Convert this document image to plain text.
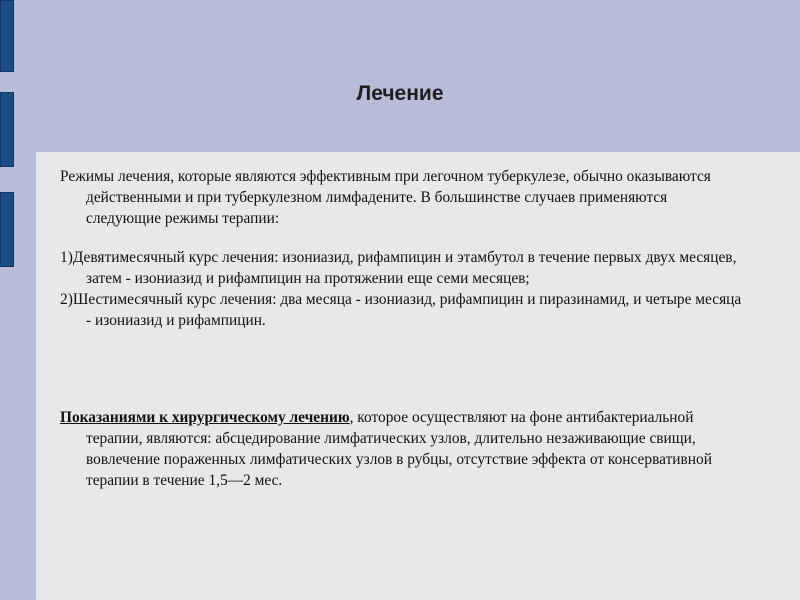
Лечение

Режимы лечения, которые являются эффективным при легочном туберкулезе, обычно оказываются действенными и при туберкулезном лимфадените. В большинстве случаев применяются следующие режимы терапии:

1)Девятимесячный курс лечения: изониазид, рифампицин и этамбутол в течение первых двух месяцев, затем - изониазид и рифампицин на протяжении еще семи месяцев;

2)Шестимесячный курс лечения: два месяца - изониазид, рифампицин и пиразинамид, и четыре месяца - изониазид и рифампицин.

Показаниями к хирургическому лечению, которое осуществляют на фоне антибактериальной терапии, являются: абсцедирование лимфатических узлов, длительно незаживающие свищи, вовлечение пораженных лимфатических узлов в рубцы, отсутствие эффекта от консервативной терапии в течение 1,5—2 мес.
